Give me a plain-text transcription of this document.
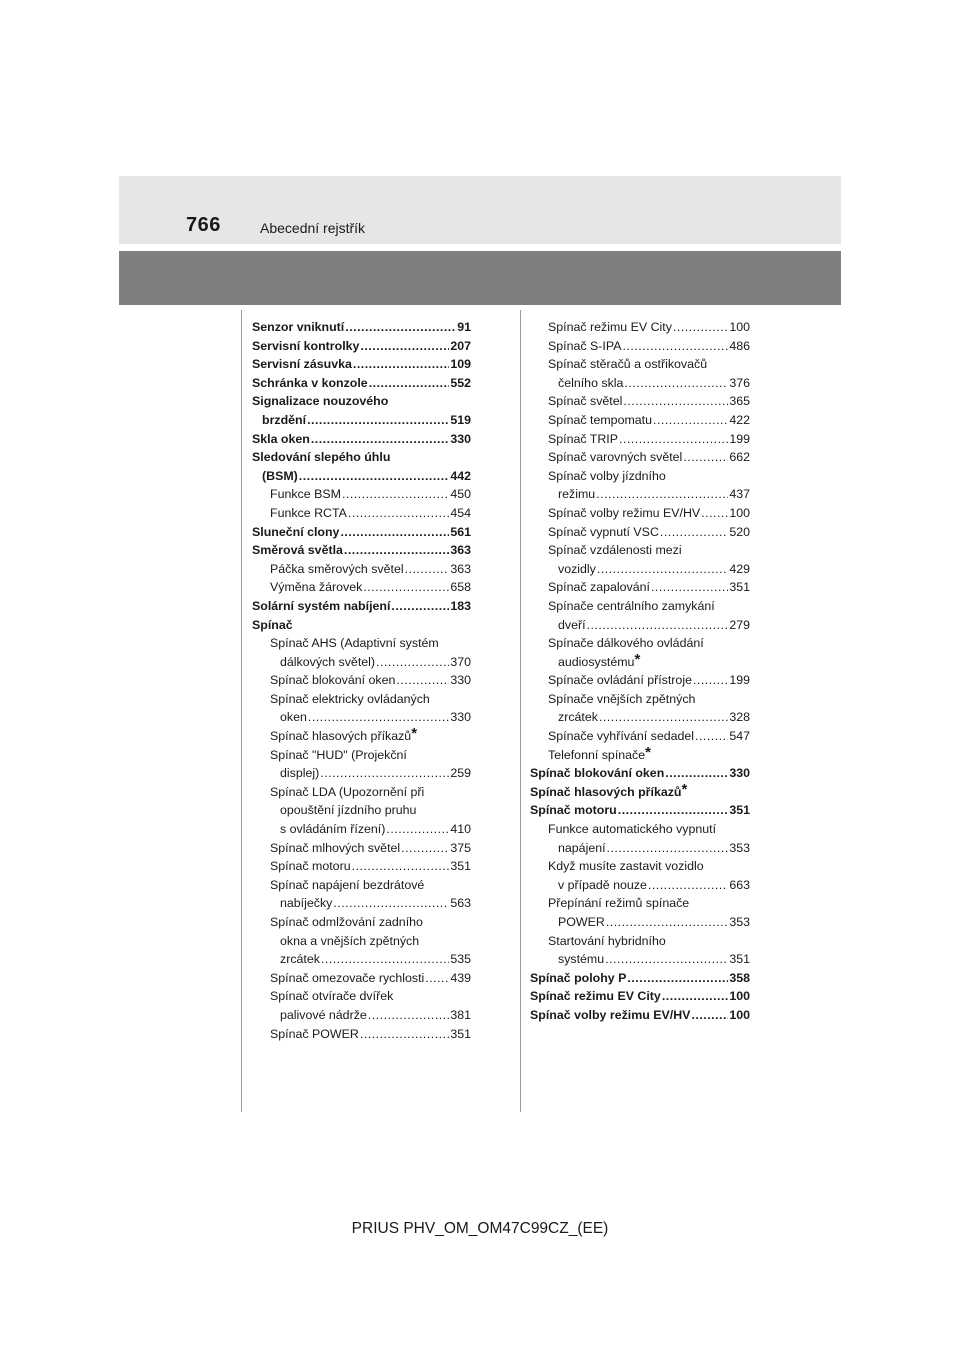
766	Abecední rejstřík
Senzor vniknutí .....	91
Servisní kontrolky .....	207
Servisní zásuvka .....	109
Schránka v konzole .....	552
Signalizace nouzového
brzdění .....	519
Skla oken .....	330
Sledování slepého úhlu
(BSM) .....	442
Funkce BSM .....	450
Funkce RCTA .....	454
Sluneční clony .....	561
Směrová světla .....	363
Páčka směrových světel .....	363
Výměna žárovek .....	658
Solární systém nabíjení .....	183
Spínač
Spínač AHS (Adaptivní systém
dálkových světel) .....	370
Spínač blokování oken .....	330
Spínač elektricky ovládaných
oken .....	330
Spínač hlasových příkazů *
Spínač "HUD" (Projekční
displej) .....	259
Spínač LDA (Upozornění při
opouštění jízdního pruhu
s ovládáním řízení) .....	410
Spínač mlhových světel .....	375
Spínač motoru .....	351
Spínač napájení bezdrátové
nabíječky .....	563
Spínač odmlžování zadního
okna a vnějších zpětných
zrcátek .....	535
Spínač omezovače rychlosti ..... 439
Spínač otvírače dvířek
palivové nádrže .....	381
Spínač POWER .....	351
Spínač režimu EV City .....	100
Spínač S-IPA .....	486
Spínač stěračů a ostřikovačů
čelního skla .....	376
Spínač světel .....	365
Spínač tempomatu .....	422
Spínač TRIP .....	199
Spínač varovných světel .....	662
Spínač volby jízdního
režimu .....	437
Spínač volby režimu EV/HV ..... 100
Spínač vypnutí VSC .....	520
Spínač vzdálenosti mezi
vozidly .....	429
Spínač zapalování .....	351
Spínače centrálního zamykání
dveří .....	279
Spínače dálkového ovládání
audiosystému *
Spínače ovládání přístroje .....	199
Spínače vnějších zpětných
zrcátek .....	328
Spínače vyhřívání sedadel .....	547
Telefonní spínače *
Spínač blokování oken .....	330
Spínač hlasových příkazů *
Spínač motoru .....	351
Funkce automatického vypnutí
napájení .....	353
Když musíte zastavit vozidlo
v případě nouze .....	663
Přepínání režimů spínače
POWER .....	353
Startování hybridního
systému .....	351
Spínač polohy P .....	358
Spínač režimu EV City .....	100
Spínač volby režimu EV/HV .....	100
PRIUS PHV_OM_OM47C99CZ_(EE)
